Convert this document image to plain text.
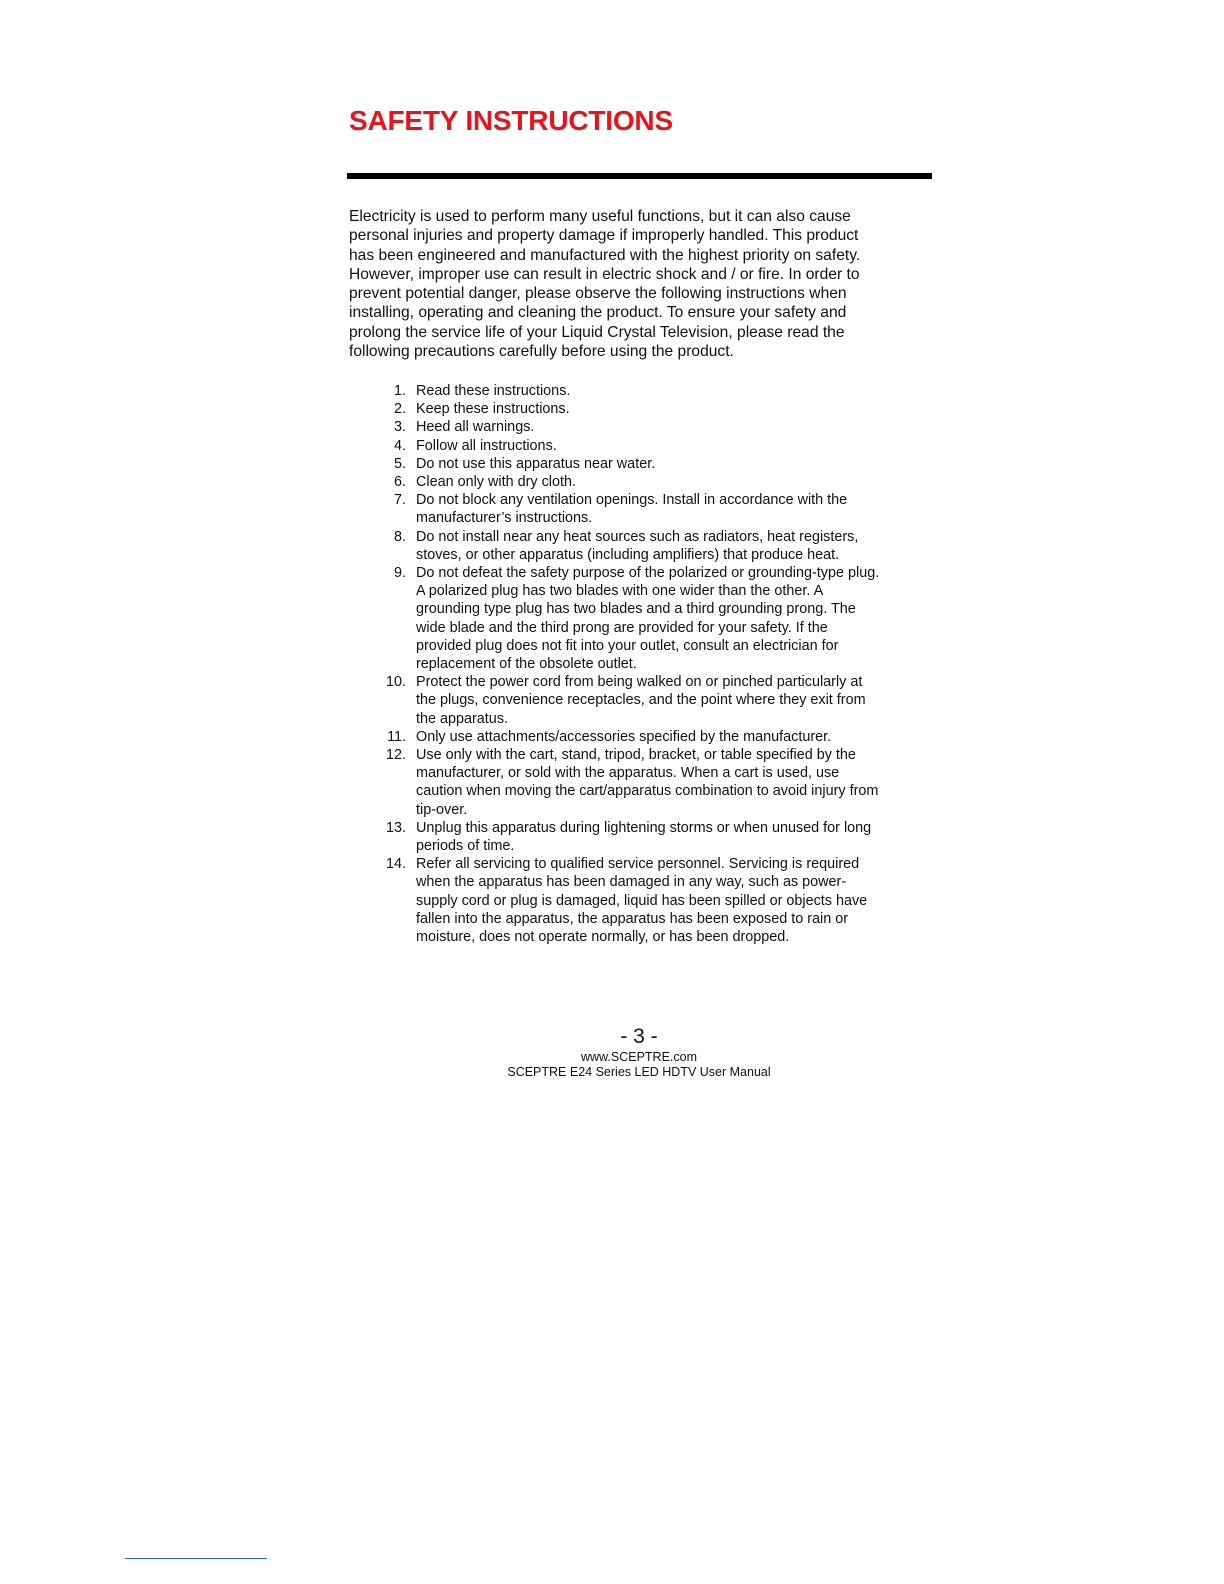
SAFETY INSTRUCTIONS

Electricity is used to perform many useful functions, but it can also cause
personal injuries and property damage if improperly handled. This product
has been engineered and manufactured with the highest priority on safety.
However, improper use can result in electric shock and / or fire. In order to
prevent potential danger, please observe the following instructions when
installing, operating and cleaning the product. To ensure your safety and
prolong the service life of your Liquid Crystal Television, please read the
following precautions carefully before using the product.

1. Read these instructions.
2. Keep these instructions.
3. Heed all warnings.
4. Follow all instructions.
5. Do not use this apparatus near water.
6. Clean only with dry cloth.
7. Do not block any ventilation openings. Install in accordance with the
manufacturer’s instructions.
8. Do not install near any heat sources such as radiators, heat registers,
stoves, or other apparatus (including amplifiers) that produce heat.
9. Do not defeat the safety purpose of the polarized or grounding-type plug.
A polarized plug has two blades with one wider than the other. A
grounding type plug has two blades and a third grounding prong. The
wide blade and the third prong are provided for your safety. If the
provided plug does not fit into your outlet, consult an electrician for
replacement of the obsolete outlet.
10. Protect the power cord from being walked on or pinched particularly at
the plugs, convenience receptacles, and the point where they exit from
the apparatus.
11. Only use attachments/accessories specified by the manufacturer.
12. Use only with the cart, stand, tripod, bracket, or table specified by the
manufacturer, or sold with the apparatus. When a cart is used, use
caution when moving the cart/apparatus combination to avoid injury from
tip-over.
13. Unplug this apparatus during lightening storms or when unused for long
periods of time.
14. Refer all servicing to qualified service personnel. Servicing is required
when the apparatus has been damaged in any way, such as power-
supply cord or plug is damaged, liquid has been spilled or objects have
fallen into the apparatus, the apparatus has been exposed to rain or
moisture, does not operate normally, or has been dropped.
- 3 -
www.SCEPTRE.com
SCEPTRE E24 Series LED HDTV User Manual
